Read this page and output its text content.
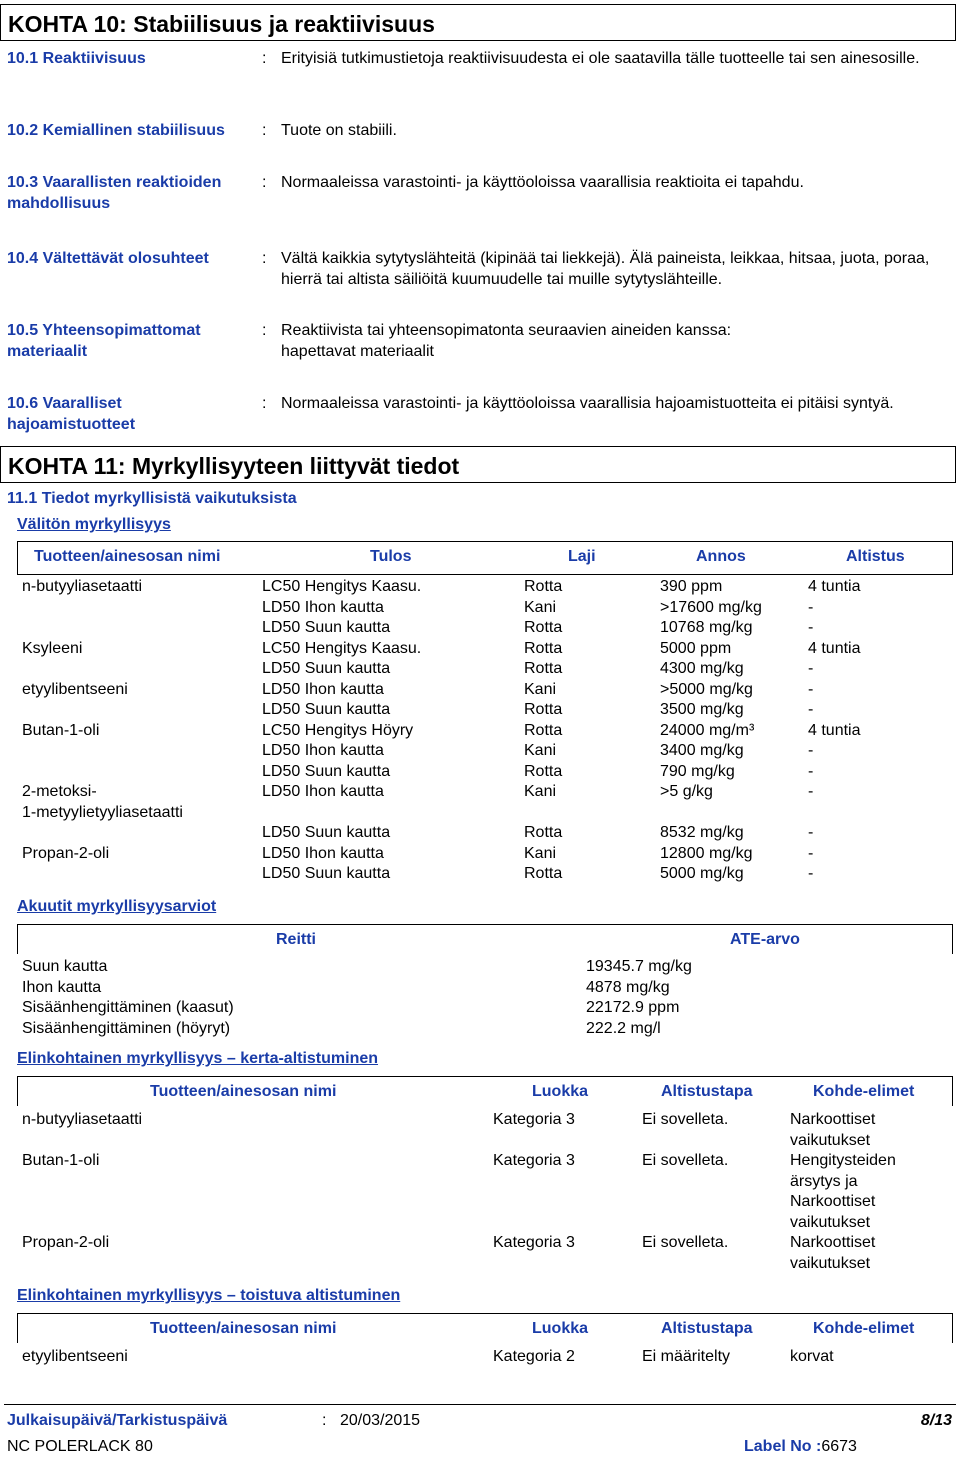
KOHTA 10: Stabiilisuus ja reaktiivisuus
10.1 Reaktiivisuus	: Erityisiä tutkimustietoja reaktiivisuudesta ei ole saatavilla tälle tuotteelle tai sen ainesosille.
10.2 Kemiallinen stabiilisuus	: Tuote on stabiili.
10.3 Vaarallisten reaktioiden mahdollisuus
: Normaaleissa varastointi- ja käyttöoloissa vaarallisia reaktioita ei tapahdu.
10.4 Vältettävät olosuhteet	: Vältä kaikkia sytytyslähteitä (kipinää tai liekkejä). Älä paineista, leikkaa, hitsaa, juota, poraa, hierrä tai altista säiliöitä kuumuudelle tai muille sytytyslähteille.
10.5 Yhteensopimattomat materiaalit
: Reaktiivista tai yhteensopimatonta seuraavien aineiden kanssa: hapettavat materiaalit
10.6 Vaaralliset hajoamistuotteet
: Normaaleissa varastointi- ja käyttöoloissa vaarallisia hajoamistuotteita ei pitäisi syntyä.
KOHTA 11: Myrkyllisyyteen liittyvät tiedot
11.1 Tiedot myrkyllisistä vaikutuksista
Välitön myrkyllisyys
Tuotteen/ainesosan nimi	Tulos	Laji	Annos	Altistus
n-butyyliasetaatti	LC50 Hengitys Kaasu.	Rotta	390 ppm	4 tuntia
	LD50 Ihon kautta	Kani	>17600 mg/kg	-
	LD50 Suun kautta	Rotta	10768 mg/kg	-
Ksyleeni	LC50 Hengitys Kaasu.	Rotta	5000 ppm	4 tuntia
	LD50 Suun kautta	Rotta	4300 mg/kg	-
etyylibentseeni	LD50 Ihon kautta	Kani	>5000 mg/kg	-
	LD50 Suun kautta	Rotta	3500 mg/kg	-
Butan-1-oli	LC50 Hengitys Höyry	Rotta	24000 mg/m³	4 tuntia
	LD50 Ihon kautta	Kani	3400 mg/kg	-
	LD50 Suun kautta	Rotta	790 mg/kg	-
2-metoksi-	LD50 Ihon kautta	Kani	>5 g/kg	-
1-metyylietyyliasetaatti				
	LD50 Suun kautta	Rotta	8532 mg/kg	-
Propan-2-oli	LD50 Ihon kautta	Kani	12800 mg/kg	-
	LD50 Suun kautta	Rotta	5000 mg/kg	-
Akuutit myrkyllisyysarviot
Reitti	ATE-arvo
Suun kautta	19345.7 mg/kg
Ihon kautta	4878 mg/kg
Sisäänhengittäminen (kaasut)	22172.9 ppm
Sisäänhengittäminen (höyryt)	222.2 mg/l
Elinkohtainen myrkyllisyys – kerta-altistuminen
Tuotteen/ainesosan nimi	Luokka	Altistustapa	Kohde-elimet
n-butyyliasetaatti	Kategoria 3	Ei sovelleta.	Narkoottiset
vaikutukset

Butan-1-oli	Kategoria 3	Ei sovelleta.	Hengitysteiden
ärsytys ja
Narkoottiset
vaikutukset

Propan-2-oli	Kategoria 3	Ei sovelleta.	Narkoottiset
vaikutukset
Elinkohtainen myrkyllisyys – toistuva altistuminen
Tuotteen/ainesosan nimi	Luokka	Altistustapa	Kohde-elimet
etyylibentseeni	Kategoria 2	Ei määritelty	korvat
Julkaisupäivä/Tarkistuspäivä	: 20/03/2015	8/13
NC POLERLACK 80	Label No :6673
